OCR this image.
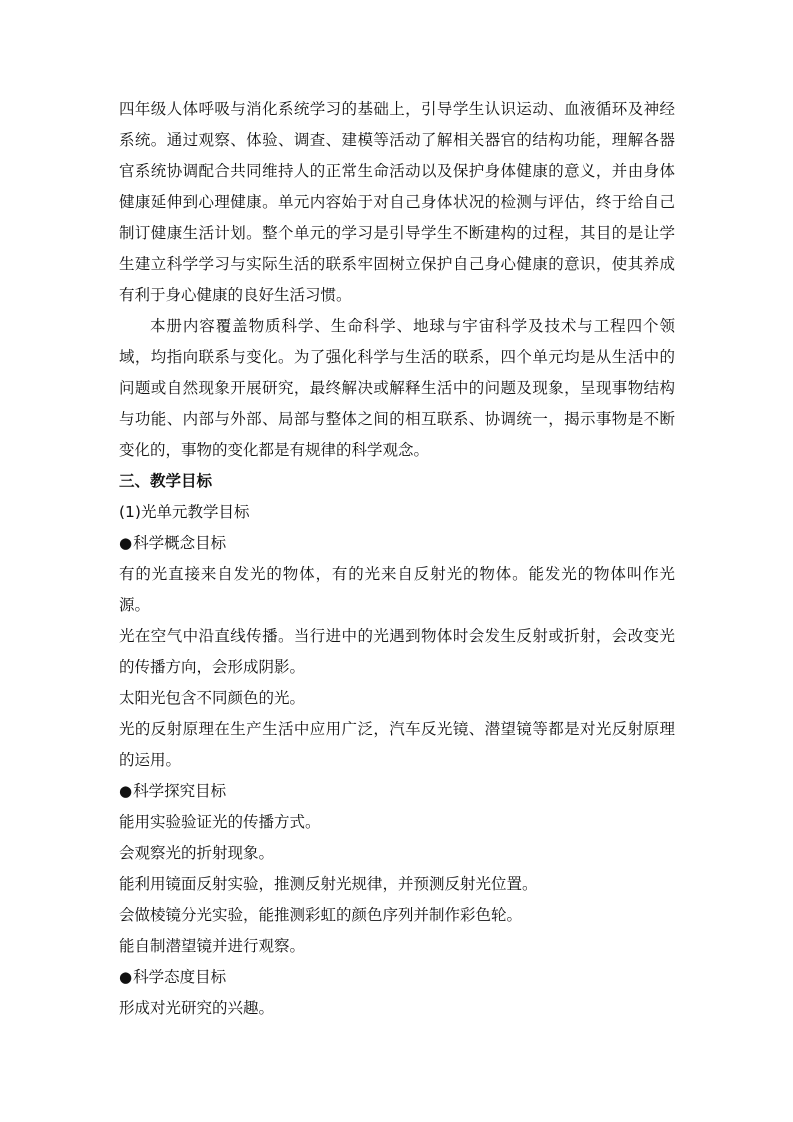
四年级人体呼吸与消化系统学习的基础上，引导学生认识运动、血液循环及神经系统。通过观察、体验、调查、建模等活动了解相关器官的结构功能，理解各器官系统协调配合共同维持人的正常生命活动以及保护身体健康的意义，并由身体健康延伸到心理健康。单元内容始于对自己身体状况的检测与评估，终于给自己制订健康生活计划。整个单元的学习是引导学生不断建构的过程，其目的是让学生建立科学学习与实际生活的联系牢固树立保护自己身心健康的意识，使其养成有利于身心健康的良好生活习惯。

本册内容覆盖物质科学、生命科学、地球与宇宙科学及技术与工程四个领域，均指向联系与变化。为了强化科学与生活的联系，四个单元均是从生活中的问题或自然现象开展研究，最终解决或解释生活中的问题及现象，呈现事物结构与功能、内部与外部、局部与整体之间的相互联系、协调统一，揭示事物是不断变化的，事物的变化都是有规律的科学观念。

三、教学目标

(1)光单元教学目标

●科学概念目标

有的光直接来自发光的物体，有的光来自反射光的物体。能发光的物体叫作光源。

光在空气中沿直线传播。当行进中的光遇到物体时会发生反射或折射，会改变光的传播方向，会形成阴影。

太阳光包含不同颜色的光。

光的反射原理在生产生活中应用广泛，汽车反光镜、潜望镜等都是对光反射原理的运用。

●科学探究目标

能用实验验证光的传播方式。

会观察光的折射现象。

能利用镜面反射实验，推测反射光规律，并预测反射光位置。

会做棱镜分光实验，能推测彩虹的颜色序列并制作彩色轮。

能自制潜望镜并进行观察。

●科学态度目标

形成对光研究的兴趣。
